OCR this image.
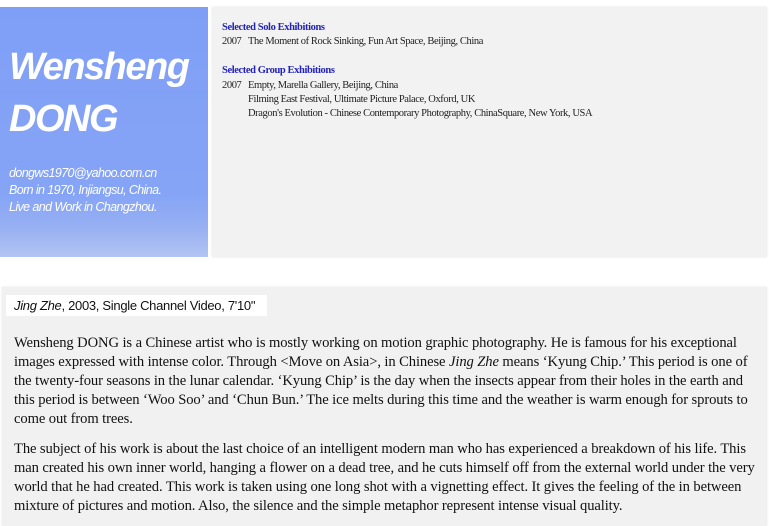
Wensheng
DONG
dongws1970@yahoo.com.cn
Born in 1970, Injiangsu, China.
Live and Work in Changzhou.
Selected Solo Exhibitions
2007 The Moment of Rock Sinking, Fun Art Space, Beijing, China
Selected Group Exhibitions
2007 Empty, Marella Gallery, Beijing, China
Filming East Festival, Ultimate Picture Palace, Oxford, UK
Dragon's Evolution - Chinese Contemporary Photography, ChinaSquare, New York, USA
Jing Zhe, 2003, Single Channel Video, 7'10"
Wensheng DONG is a Chinese artist who is mostly working on motion graphic photography. He is famous for his exceptional images expressed with intense color. Through <Move on Asia>, in Chinese Jing Zhe means ‘Kyung Chip.’ This period is one of the twenty-four seasons in the lunar calendar. ‘Kyung Chip’ is the day when the insects appear from their holes in the earth and this period is between ‘Woo Soo’ and ‘Chun Bun.’ The ice melts during this time and the weather is warm enough for sprouts to come out from trees.
The subject of his work is about the last choice of an intelligent modern man who has experienced a breakdown of his life. This man created his own inner world, hanging a flower on a dead tree, and he cuts himself off from the external world under the very world that he had created. This work is taken using one long shot with a vignetting effect. It gives the feeling of the in between mixture of pictures and motion. Also, the silence and the simple metaphor represent intense visual quality.
